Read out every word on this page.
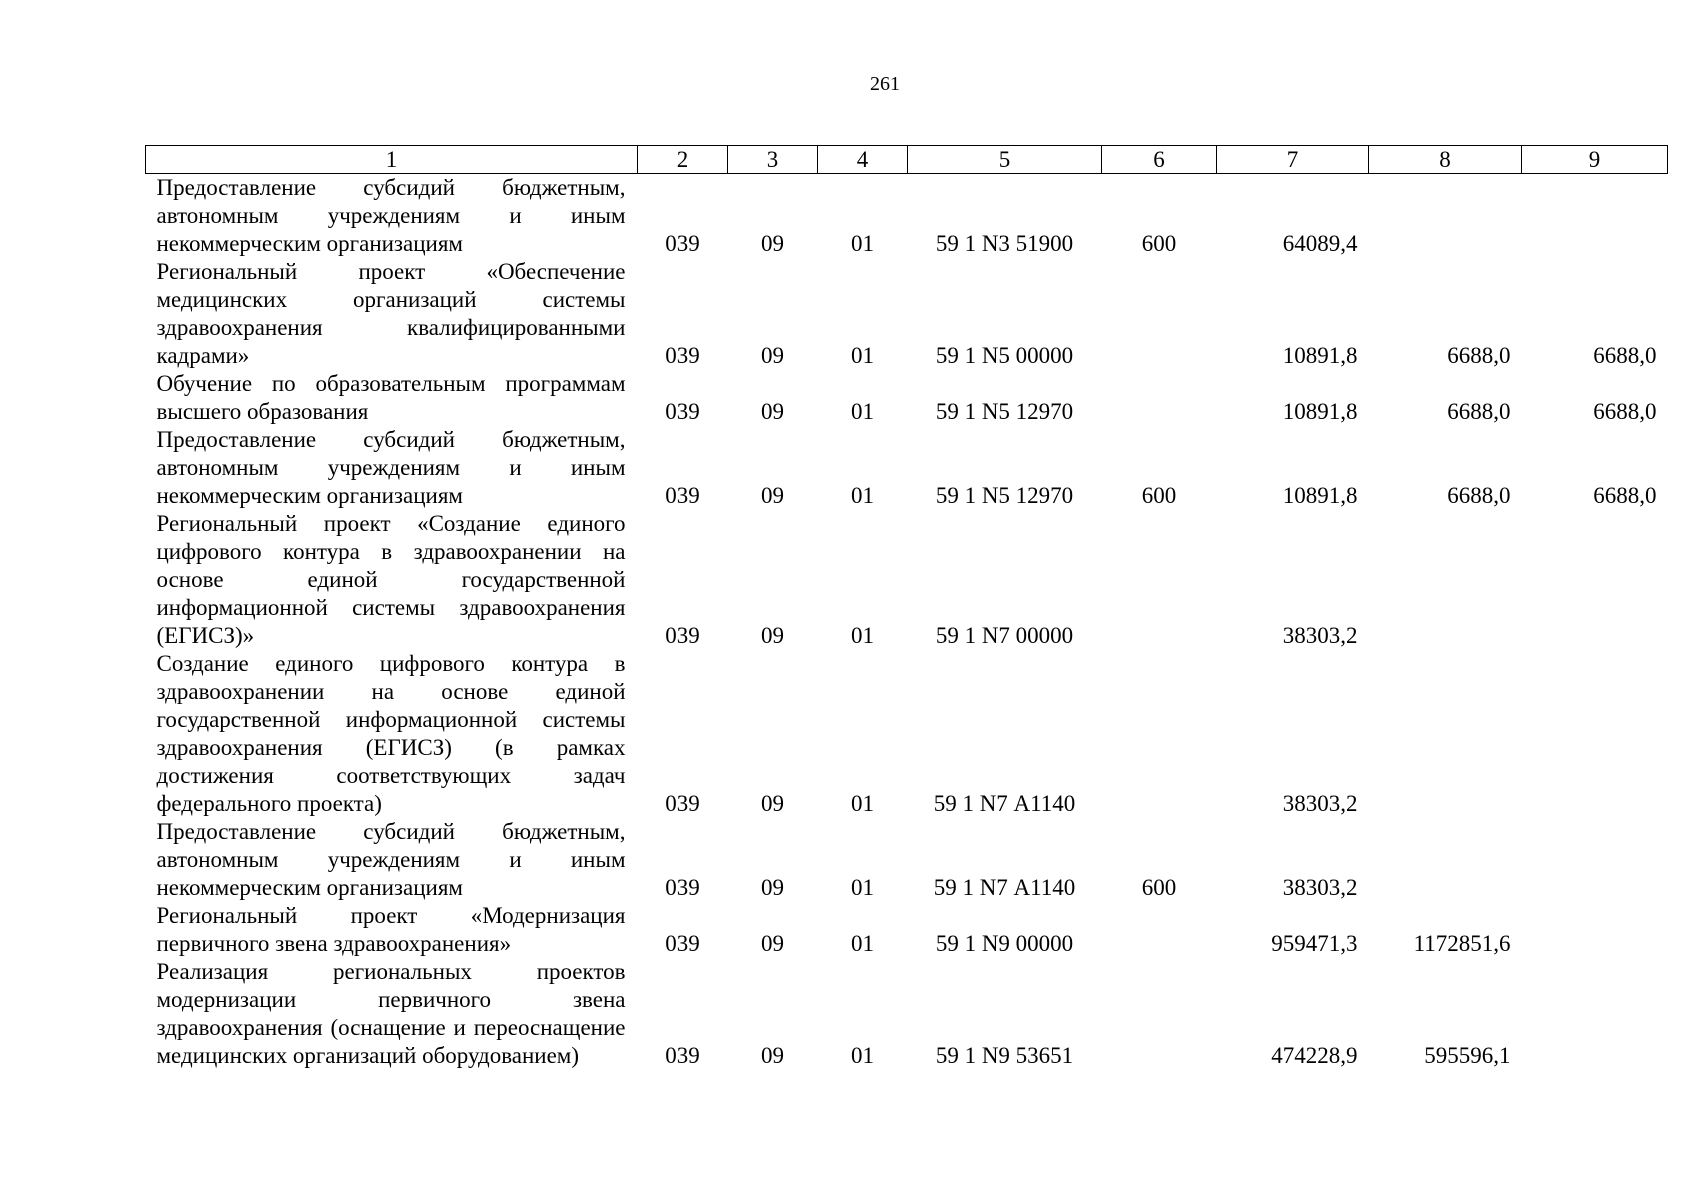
261
1	2	3	4	5	6	7	8	9
Предоставление субсидий бюджетным, автономным учреждениям и иным некоммерческим организациям	039	09	01	59 1 N3 51900	600	64089,4		
Региональный проект «Обеспечение медицинских организаций системы здравоохранения квалифицированными кадрами»	039	09	01	59 1 N5 00000		10891,8	6688,0	6688,0
Обучение по образовательным программам высшего образования	039	09	01	59 1 N5 12970		10891,8	6688,0	6688,0
Предоставление субсидий бюджетным, автономным учреждениям и иным некоммерческим организациям	039	09	01	59 1 N5 12970	600	10891,8	6688,0	6688,0
Региональный проект «Создание единого цифрового контура в здравоохранении на основе единой государственной информационной системы здравоохранения (ЕГИСЗ)»	039	09	01	59 1 N7 00000		38303,2		
Создание единого цифрового контура в здравоохранении на основе единой государственной информационной системы здравоохранения (ЕГИСЗ) (в рамках достижения соответствующих задач федерального проекта)	039	09	01	59 1 N7 А1140		38303,2		
Предоставление субсидий бюджетным, автономным учреждениям и иным некоммерческим организациям	039	09	01	59 1 N7 А1140	600	38303,2		
Региональный проект «Модернизация первичного звена здравоохранения»	039	09	01	59 1 N9 00000		959471,3	1172851,6	
Реализация региональных проектов модернизации первичного звена здравоохранения (оснащение и переоснащение медицинских организаций оборудованием)	039	09	01	59 1 N9 53651		474228,9	595596,1	
